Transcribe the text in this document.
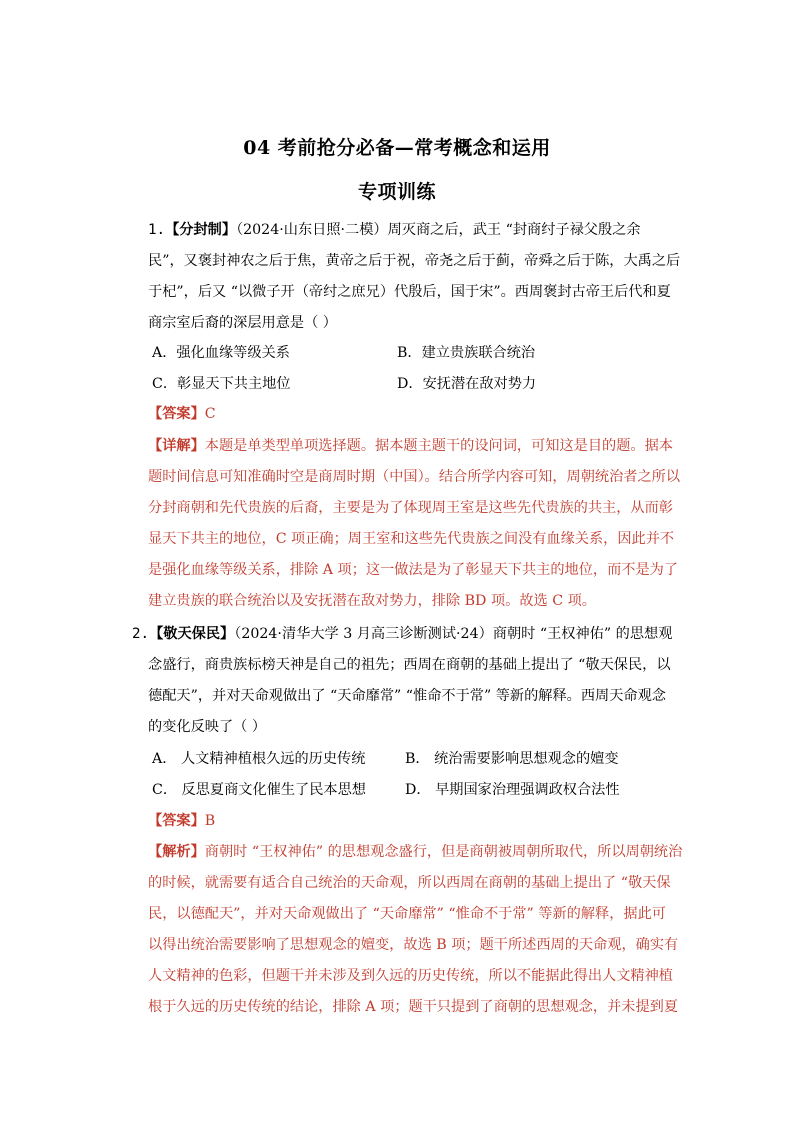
04 考前抢分必备—常考概念和运用
专项训练
1.【分封制】（2024·山东日照·二模）周灭商之后，武王 “封商纣子禄父殷之余
民”，又褒封神农之后于焦，黄帝之后于祝，帝尧之后于蓟，帝舜之后于陈，大禹之后
于杞”，后又 “以微子开（帝纣之庶兄）代殷后，国于宋”。西周褒封古帝王后代和夏
商宗室后裔的深层用意是（ ）
A．强化血缘等级关系	B．建立贵族联合统治
C．彰显天下共主地位	D．安抚潜在敌对势力
【答案】C
【详解】本题是单类型单项选择题。据本题主题干的设问词，可知这是目的题。据本
题时间信息可知准确时空是商周时期（中国）。结合所学内容可知，周朝统治者之所以
分封商朝和先代贵族的后裔，主要是为了体现周王室是这些先代贵族的共主，从而彰
显天下共主的地位，C 项正确；周王室和这些先代贵族之间没有血缘关系，因此并不
是强化血缘等级关系，排除 A 项；这一做法是为了彰显天下共主的地位，而不是为了
建立贵族的联合统治以及安抚潜在敌对势力，排除 BD 项。故选 C 项。
2.【敬天保民】（2024·清华大学 3 月高三诊断测试·24）商朝时 “王权神佑” 的思想观
念盛行，商贵族标榜天神是自己的祖先；西周在商朝的基础上提出了 “敬天保民，以
德配天”，并对天命观做出了 “天命靡常” “惟命不于常” 等新的解释。西周天命观念
的变化反映了（ ）
A． 人文精神植根久远的历史传统	B． 统治需要影响思想观念的嬗变
C． 反思夏商文化催生了民本思想	D． 早期国家治理强调政权合法性
【答案】B
【解析】商朝时 “王权神佑” 的思想观念盛行，但是商朝被周朝所取代，所以周朝统治
的时候，就需要有适合自己统治的天命观，所以西周在商朝的基础上提出了 “敬天保
民，以德配天”，并对天命观做出了 “天命靡常” “惟命不于常” 等新的解释，据此可
以得出统治需要影响了思想观念的嬗变，故选 B 项；题干所述西周的天命观，确实有
人文精神的色彩，但题干并未涉及到久远的历史传统，所以不能据此得出人文精神植
根于久远的历史传统的结论，排除 A 项；题干只提到了商朝的思想观念，并未提到夏
